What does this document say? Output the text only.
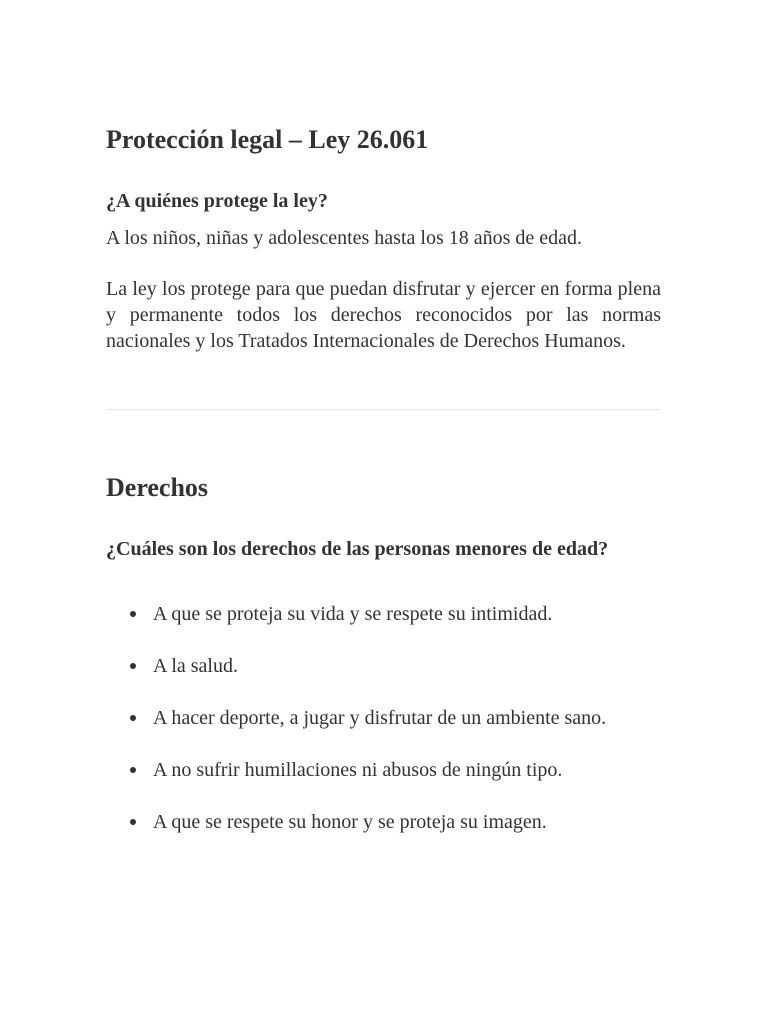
Protección legal – Ley 26.061
¿A quiénes protege la ley?

A los niños, niñas y adolescentes hasta los 18 años de edad.

La ley los protege para que puedan disfrutar y ejercer en forma plena y permanente todos los derechos reconocidos por las normas nacionales y los Tratados Internacionales de Derechos Humanos.

Derechos
¿Cuáles son los derechos de las personas menores de edad?
A que se proteja su vida y se respete su intimidad.
A la salud.
A hacer deporte, a jugar y disfrutar de un ambiente sano.
A no sufrir humillaciones ni abusos de ningún tipo.
A que se respete su honor y se proteja su imagen.
